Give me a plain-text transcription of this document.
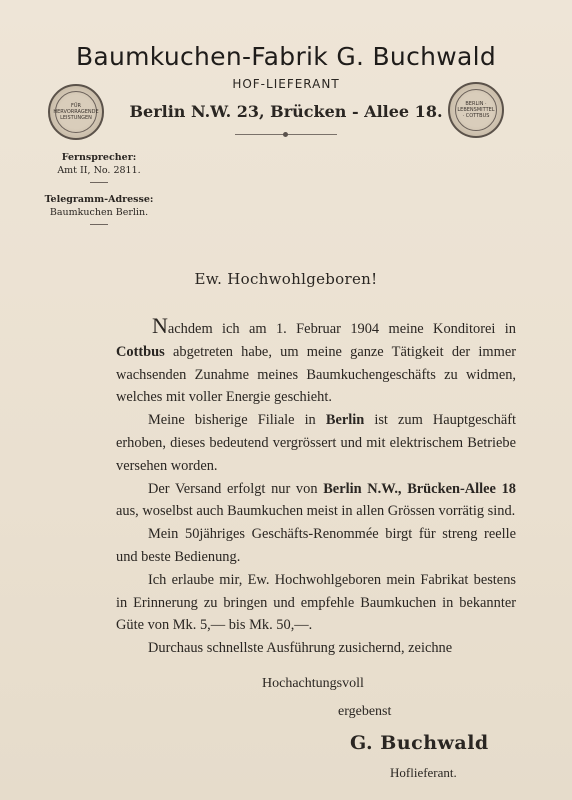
Baumkuchen-Fabrik G. Buchwald
HOF-LIEFERANT
Berlin N.W. 23, Brücken - Allee 18.
FÜR HERVORRAGENDE LEISTUNGEN
BERLIN · LEBENSMITTEL · COTTBUS
Fernsprecher:
Amt II, No. 2811.
Telegramm-Adresse:
Baumkuchen Berlin.
Ew. Hochwohlgeboren!

Nachdem ich am 1. Februar 1904 meine Konditorei in Cottbus abgetreten habe, um meine ganze Tätigkeit der immer wachsenden Zunahme meines Baumkuchengeschäfts zu widmen, welches mit voller Energie geschieht.

Meine bisherige Filiale in Berlin ist zum Hauptgeschäft erhoben, dieses bedeutend vergrössert und mit elektrischem Betriebe versehen worden.

Der Versand erfolgt nur von Berlin N.W., Brücken-Allee 18 aus, woselbst auch Baumkuchen meist in allen Grössen vorrätig sind.

Mein 50jähriges Geschäfts-Renommée birgt für streng reelle und beste Bedienung.

Ich erlaube mir, Ew. Hochwohlgeboren mein Fabrikat bestens in Erinnerung zu bringen und empfehle Baumkuchen in bekannter Güte von Mk. 5,— bis Mk. 50,—.

Durchaus schnellste Ausführung zusichernd, zeichne

Hochachtungsvoll
ergebenst
G. Buchwald
Hoflieferant.
